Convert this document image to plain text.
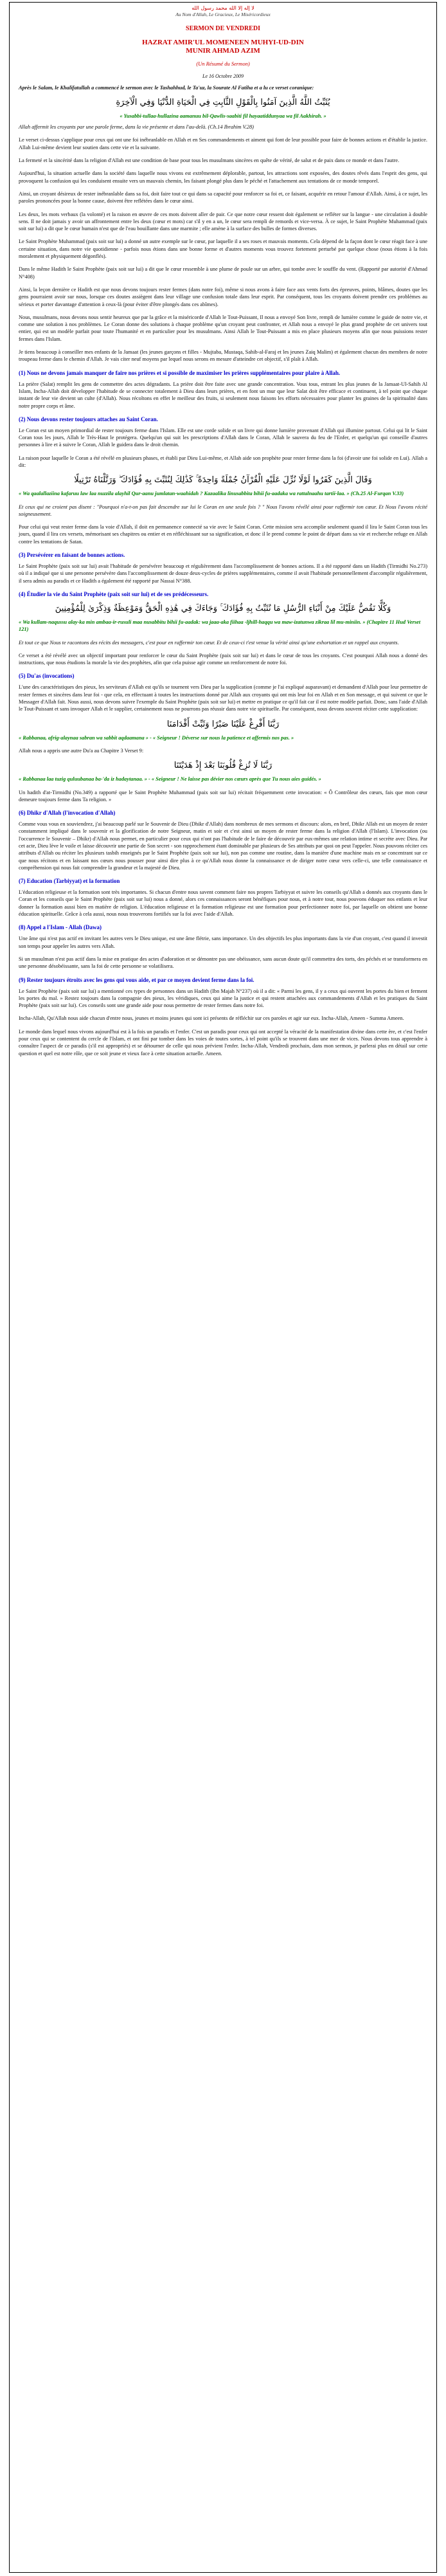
لا إله إلا الله محمد رسول الله
Au Nom d'Allah, Le Gracieux, Le Miséricordieux
SERMON DE VENDREDI
HAZRAT AMIR'UL MOMENEEN MUHYI-UD-DIN
MUNIR AHMAD AZIM
(Un Résumé du Sermon)
Le 16 Octobre 2009

Après le Salam, le Khalifatullah a commencé le sermon avec le Tashahhud, le Ta'uz, la Sourate Al Fatiha et a lu ce verset coranique:

يُثَبِّتُ اللَّهُ الَّذِينَ آمَنُوا بِالْقَوْلِ الثَّابِتِ فِي الْحَيَاةِ الدُّنْيَا وَفِي الْآخِرَةِ
« Yusabbi-tullaa-hullazina aamanuu bil-Qawlis-saabiti fil hayaatiddunyaa wa fil Aakhirah. »

Allah affermit les croyants par une parole ferme, dans la vie présente et dans l'au-delà. (Ch.14 Ibrahim V.28)

Le verset ci-dessus s'applique pour ceux qui ont une foi inébranlable en Allah et en Ses commandements et aiment qui font de leur possible pour faire de bonnes actions et d'établir la justice. Allah Lui-même devient leur soutien dans cette vie et la suivante.

La fermeté et la sincérité dans la religion d'Allah est une condition de base pour tous les musulmans sincères en quête de vérité, de salut et de paix dans ce monde et dans l'autre.

Aujourd'hui, la situation actuelle dans la société dans laquelle nous vivons est extrêmement déplorable, partout, les attractions sont exposées, des doutes rêvés dans l'esprit des gens, qui provoquent la confusion qui les conduisent ensuite vers un mauvais chemin, les faisant plongé plus dans le péché et l'attachement aux tentations de ce monde temporel.

Ainsi, un croyant désireux de rester inébranlable dans sa foi, doit faire tout ce qui dans sa capacité pour renforcer sa foi et, ce faisant, acquérir en retour l'amour d'Allah. Ainsi, à ce sujet, les paroles prononcées pour la bonne cause, doivent être reflétées dans le cœur ainsi.

Les deux, les mots verbaux (la volonté) et la raison en œuvre de ces mots doivent aller de pair. Ce que notre cœur ressent doit également se refléter sur la langue - une circulation à double sens. Il ne doit jamais y avoir un affrontement entre les deux (cœur et mots) car s'il y en a un, le cœur sera rempli de remords et vice-versa. À ce sujet, le Saint Prophète Muhammad (paix soit sur lui) a dit que le cœur humain n'est que de l'eau bouillante dans une marmite ; elle amène à la surface des bulles de formes diverses.

Le Saint Prophète Muhammad (paix soit sur lui) a donné un autre exemple sur le cœur, par laquelle il a ses roses et mauvais moments. Cela dépend de la façon dont le cœur réagit face à une certaine situation, dans notre vie quotidienne - parfois nous étions dans une bonne forme et d'autres moments vous trouvez fortement perturbé par quelque chose (nous étions à la fois moralement et physiquement dégonflés).

Dans le même Hadith le Saint Prophète (paix soit sur lui) a dit que le cœur ressemble à une plume de poule sur un arbre, qui tombe avec le souffle du vent. (Rapporté par autorité d'Ahmad N°408)

Ainsi, la leçon dernière ce Hadith est que nous devons toujours rester fermes (dans notre foi), même si nous avons à faire face aux vents forts des épreuves, points, blâmes, doutes que les gens pourraient avoir sur nous, lorsque ces doutes assiègent dans leur village une confusion totale dans leur esprit. Par conséquent, tous les croyants doivent prendre ces problèmes au sérieux et porter davantage d'attention à ceux-là (pour éviter d'être plongés dans ces abîmes).

Nous, musulmans, nous devons nous sentir heureux que par la grâce et la miséricorde d'Allah le Tout-Puissant, Il nous a envoyé Son livre, rempli de lumière comme le guide de notre vie, et comme une solution à nos problèmes. Le Coran donne des solutions à chaque problème qu'un croyant peut confronter, et Allah nous a envoyé le plus grand prophète de cet univers tout entier, qui est un modèle parfait pour toute l'humanité et en particulier pour les musulmans. Ainsi Allah le Tout-Puissant a mis en place plusieurs moyens afin que nous puissions rester fermes dans l'Islam.

Je tiens beaucoup à conseiller mes enfants de la Jamaat (les jeunes garçons et filles - Mujtaba, Mustaqa, Sahib-al-Faraj et les jeunes Zaiq Malim) et également chacun des membres de notre troupeau ferme dans le chemin d'Allah. Je vais citer neuf moyens par lequel nous serons en mesure d'atteindre cet objectif, s'il plaît à Allah.

(1) Nous ne devons jamais manquer de faire nos prières et si possible de maximiser les prières supplémentaires pour plaire à Allah.

La prière (Salat) remplit les gens de commettre des actes dégradants. La prière doit être faite avec une grande concentration. Vous tous, entrant les plus jeunes de la Jamaat-Ul-Sahih Al Islam, Incha-Allah doit développer l'habitude de se connecter totalement à Dieu dans leurs prières, et en font un mur que leur Salat doit être efficace et continuent, à tel point que chaque instant de leur vie devient un culte (d'Allah). Nous récoltons en effet le meilleur des fruits, si seulement nous faisons les efforts nécessaires pour planter les graines de la spiritualité dans notre propre corps et âme.

(2) Nous devons rester toujours attaches au Saint Coran.

Le Coran est un moyen primordial de rester toujours ferme dans l'Islam. Elle est une corde solide et un livre qui donne lumière provenant d'Allah qui illumine partout. Celui qui lit le Saint Coran tous les jours, Allah le Très-Haut le protégera. Quelqu'un qui suit les prescriptions d'Allah dans le Coran, Allah le sauvera du feu de l'Enfer, et quelqu'un qui conseille d'autres personnes à lire et à suivre le Coran, Allah le guidera dans le droit chemin.

La raison pour laquelle le Coran a été révélé en plusieurs phases, et établi par Dieu Lui-même, et Allah aide son prophète pour rester ferme dans la foi (d'avoir une foi solide en Lui). Allah a dit:

وَقَالَ الَّذِينَ كَفَرُوا لَوْلَا نُزِّلَ عَلَيْهِ الْقُرْآنُ جُمْلَةً وَاحِدَةً ۚ كَذَٰلِكَ لِنُثَبِّتَ بِهِ فُؤَادَكَ ۖ وَرَتَّلْنَاهُ تَرْتِيلًا

« Wa qaalallaziina kafaruu law laa nuzzila alayhil Qur-aanu jumlatan-waahidah ? Kazaalika linusabbita bihii fu-aadaka wa rattalnaahu tartii-laa. » (Ch.25 Al-Furqan V.33)

Et ceux qui ne croient pas disent : "Pourquoi n'a-t-on pas fait descendre sur lui le Coran en une seule fois ? " Nous l'avons révélé ainsi pour raffermir ton cœur. Et Nous l'avons récité soigneusement.

Pour celui qui veut rester ferme dans la voie d'Allah, il doit en permanence connecté sa vie avec le Saint Coran. Cette mission sera accomplie seulement quand il lira le Saint Coran tous les jours, quand il lira ces versets, mémorisant ses chapitres ou entier et en réfléchissant sur sa signification, et donc il le prend comme le point de départ dans sa vie et recherche refuge en Allah contre les tentations de Satan.

(3) Persévérer en faisant de bonnes actions.

Le Saint Prophète (paix soit sur lui) avait l'habitude de persévérer beaucoup et régulièrement dans l'accomplissement de bonnes actions. Il a été rapporté dans un Hadith (Tirmidhi No.273) où il a indiqué que si une personne persévère dans l'accomplissement de douze deux-cycles de prières supplémentaires, comme il avait l'habitude personnellement d'accomplir régulièrement, il sera admis au paradis et ce Hadith a également été rapporté par Nassai N°388.

(4) Étudier la vie du Saint Prophète (paix soit sur lui) et de ses prédécesseurs.
وَكُلًّا نَقُصُّ عَلَيْكَ مِنْ أَنْبَاءِ الرُّسُلِ مَا نُثَبِّتُ بِهِ فُؤَادَكَ ۚ وَجَاءَكَ فِي هَٰذِهِ الْحَقُّ وَمَوْعِظَةٌ وَذِكْرَىٰ لِلْمُؤْمِنِينَ

« Wa kullam-naqussu alay-ka min ambaa-ir-rusuli maa nusabbitu bihii fu-aadak: wa jaaa-aka fiihaa -ljhill-haqqu wa maw-izatunwa zikraa lil mu-miniin. » (Chapitre 11 Hud Verset 121)

Et tout ce que Nous te racontons des récits des messagers, c'est pour en raffermir ton cœur. Et de ceux-ci t'est venue la vérité ainsi qu'une exhortation et un rappel aux croyants.

Ce verset a été révélé avec un objectif important pour renforcer le cœur du Saint Prophète (paix soit sur lui) et dans le cœur de tous les croyants. C'est pourquoi Allah nous a donné des instructions, que nous étudions la morale la vie des prophètes, afin que cela puisse agir comme un renforcement de notre foi.

(5) Du'as (invocations)

L'une des caractéristiques des pieux, les serviteurs d'Allah est qu'ils se tournent vers Dieu par la supplication (comme je l'ai expliqué auparavant) et demandent d'Allah pour leur permettre de rester fermes et sincères dans leur foi - que cela, en effectuant à toutes les instructions donné par Allah aux croyants qui ont mis leur foi en Allah et en Son message, et qui suivent ce que le Messager d'Allah fait. Nous aussi, nous devons suivre l'exemple du Saint Prophète (paix soit sur lui) et mettre en pratique ce qu'il fait car il est notre modèle parfait. Donc, sans l'aide d'Allah le Tout-Puissant et sans invoquer Allah et le supplier, certainement nous ne pourrons pas réussir dans notre vie spirituelle. Par conséquent, nous devons souvent réciter cette supplication:

رَبَّنَا أَفْرِغْ عَلَيْنَا صَبْرًا وَثَبِّتْ أَقْدَامَنَا

« Rabbanaa, afrig-alaynaa sabran wa sabbit aqdaamana » - « Seigneur ! Déverse sur nous la patience et affermis nos pas. »

Allah nous a appris une autre Du'a au Chapitre 3 Verset 9:

رَبَّنَا لَا تُزِغْ قُلُوبَنَا بَعْدَ إِذْ هَدَيْتَنَا

« Rabbanaa laa tuzig quluubanaa ba-'da iz hadaytanaa. » - « Seigneur ! Ne laisse pas dévier nos cœurs après que Tu nous aies guidés. »

Un hadith d'at-Tirmidhi (No.349) a rapporté que le Saint Prophète Muhammad (paix soit sur lui) récitait fréquemment cette invocation: « Ô Contrôleur des cœurs, fais que mon cœur demeure toujours ferme dans Ta religion. »

(6) Dhikr d'Allah (l'invocation d'Allah)

Comme vous vous en souviendrez, j'ai beaucoup parlé sur le Souvenir de Dieu (Dhikr d'Allah) dans nombreux de mes sermons et discours: alors, en bref, Dhikr Allah est un moyen de rester constamment impliqué dans le souvenir et la glorification de notre Seigneur, matin et soir et c'est ainsi un moyen de rester ferme dans la religion d'Allah (l'Islam). L'invocation (ou l'occurrence le Souvenir – Dhikr) d'Allah nous permet, en particulier pour ceux qui n'ont pas l'habitude de le faire de découvrir par eux-mêmes une relation intime et secrète avec Dieu. Par cet acte, Dieu lève le voile et laisse découvrir une partie de Son secret - son rapprochement étant dominable par plusieurs de Ses attributs par quoi on peut l'appeler. Nous pouvons réciter ces attributs d'Allah ou réciter les plusieurs tasbih enseignés par le Saint Prophète (paix soit sur lui), non pas comme une routine, dans la manière d'une machine mais en se concentrant sur ce que nous récitons et en laissant nos cœurs nous pousser pour ainsi dire plus à ce qu'Allah nous donne la connaissance et de diriger notre cœur vers celle-ci, une telle connaissance et compréhension qui nous fait comprendre la grandeur et la majesté de Dieu.

(7) Education (Tarbiyyat) et la formation

L'éducation religieuse et la formation sont très importantes. Si chacun d'entre nous savent comment faire nos propres Tarbiyyat et suivre les conseils qu'Allah a donnés aux croyants dans le Coran et les conseils que le Saint Prophète (paix soit sur lui) nous a donné, alors ces connaissances seront bénéfiques pour nous, et à notre tour, nous pouvons éduquer nos enfants et leur donner la formation aussi bien en matière de religion. L'éducation religieuse et la formation religieuse est une formation pour perfectionner notre foi, par laquelle on obtient une bonne éducation spirituelle. Grâce à cela aussi, nous nous trouverons fortifiés sur la foi avec l'aide d'Allah.

(8) Appel a l'Islam - Allah (Dawa)

Une âme qui n'est pas actif en invitant les autres vers le Dieu unique, est une âme flétrie, sans importance. Un des objectifs les plus importants dans la vie d'un croyant, c'est quand il investit son temps pour appeler les autres vers Allah.

Si un musulman n'est pas actif dans la mise en pratique des actes d'adoration et se démontre pas une obéissance, sans aucun doute qu'il commettra des torts, des péchés et se transformera en une personne désobéissante, sans la foi de cette personne se volatilisera.

(9) Rester toujours étroits avec les gens qui vous aide, et par ce moyen devient ferme dans la foi.

Le Saint Prophète (paix soit sur lui) a mentionné ces types de personnes dans un Hadith (Ibn Majah N°237) où il a dit: « Parmi les gens, il y a ceux qui ouvrent les portes du bien et ferment les portes du mal. » Restez toujours dans la compagnie des pieux, les véridiques, ceux qui aime la justice et qui restent attachées aux commandements d'Allah et les pratiques du Saint Prophète (paix soit sur lui). Ces conseils sont une grande aide pour nous permettre de rester fermes dans notre foi.

Incha-Allah, Qu'Allah nous aide chacun d'entre nous, jeunes et moins jeunes qui sont ici présents de réfléchir sur ces paroles et agir sur eux. Incha-Allah, Ameen - Summa Ameen.

Le monde dans lequel nous vivons aujourd'hui est à la fois un paradis et l'enfer. C'est un paradis pour ceux qui ont accepté la véracité de la manifestation divine dans cette ère, et c'est l'enfer pour ceux qui se contentent du cercle de l'Islam, et ont fini par tomber dans les voies de toutes sortes, à tel point qu'ils se trouvent dans une mer de vices. Nous devons tous apprendre à connaître l'aspect de ce paradis (s'il est appropriés) et se détourner de celle qui nous prévient l'enfer. Incha-Allah, Vendredi prochain, dans mon sermon, je parlerai plus en détail sur cette question et quel est notre rôle, que ce soit jeune et vieux face à cette situation actuelle. Ameen.
